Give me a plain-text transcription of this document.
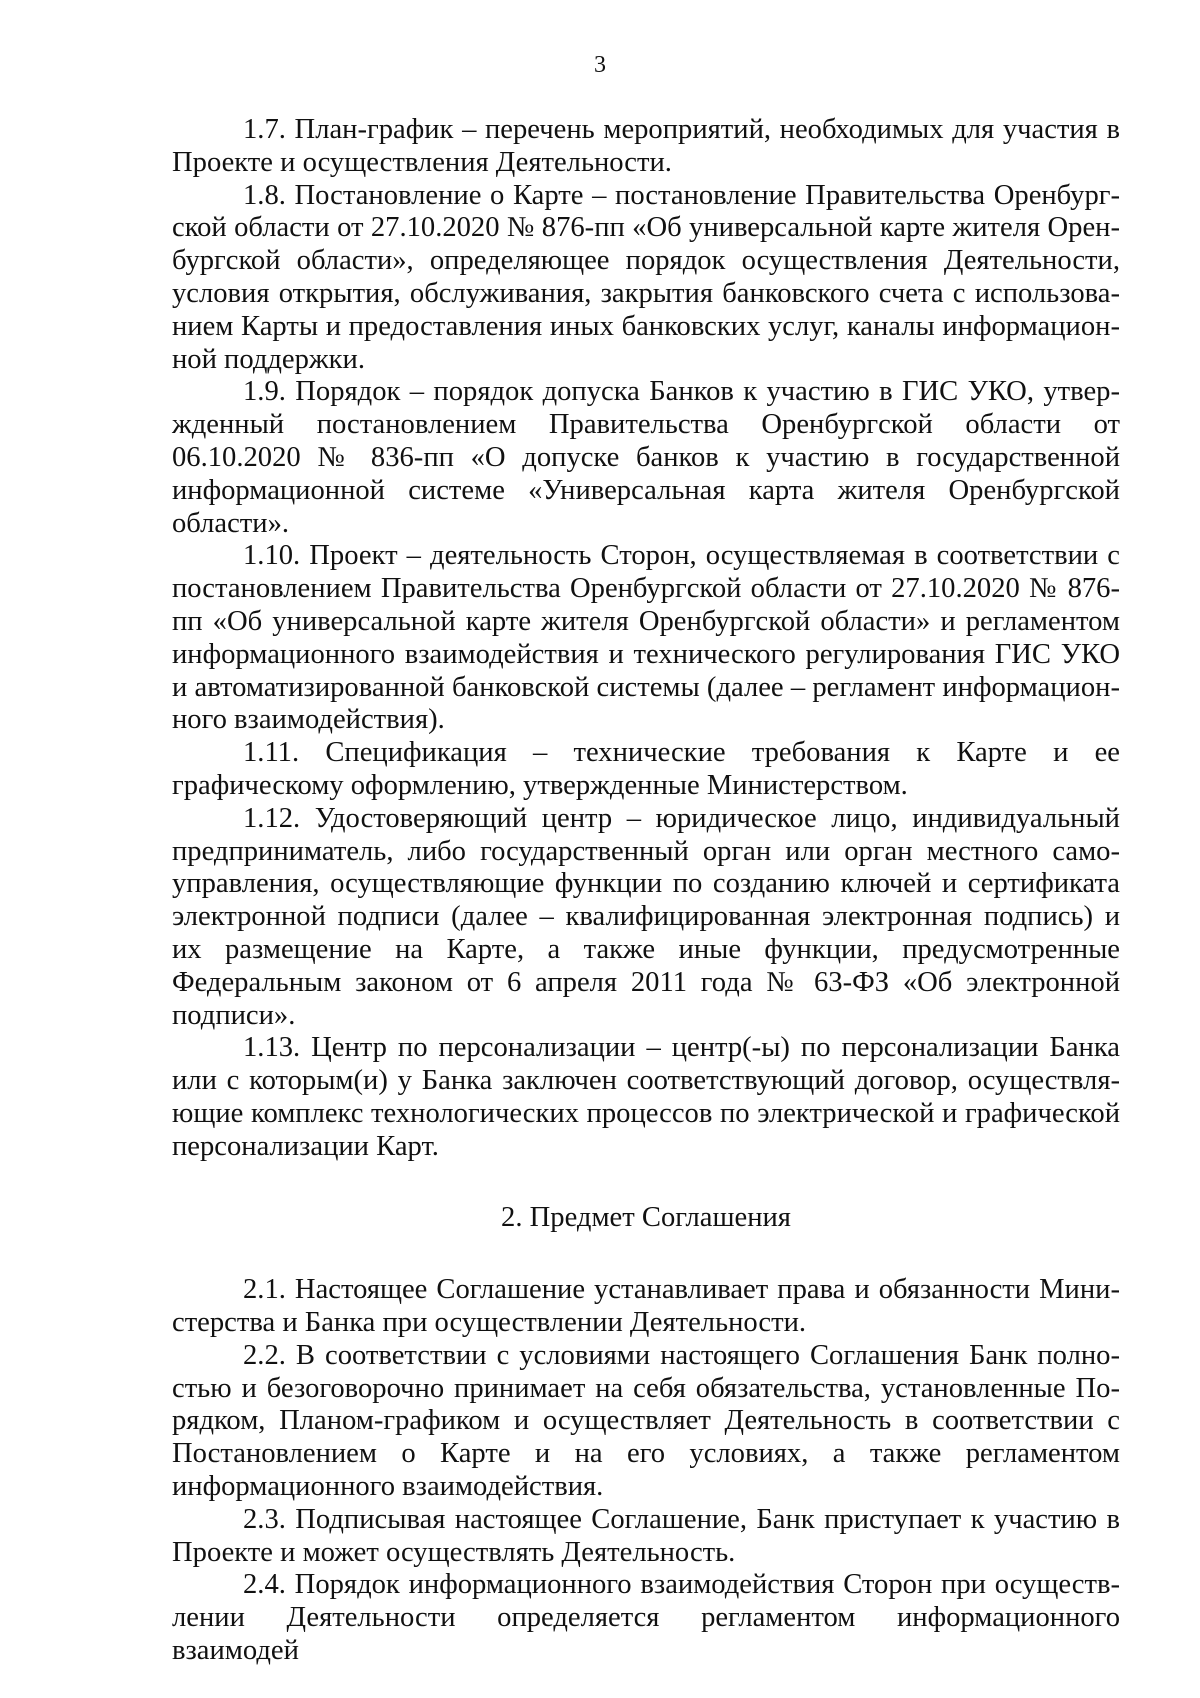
3

1.7. План-график – перечень мероприятий, необходимых для участия в Проекте и осуществления Деятельности.

1.8. Постановление о Карте – постановление Правительства Оренбургской области от 27.10.2020 № 876-пп «Об универсальной карте жителя Оренбургской области», определяющее порядок осуществления Деятельности, условия открытия, обслуживания, закрытия банковского счета с использованием Карты и предоставления иных банковских услуг, каналы информационной поддержки.

1.9. Порядок – порядок допуска Банков к участию в ГИС УКО, утвержденный постановлением Правительства Оренбургской области от 06.10.2020 № 836-пп «О допуске банков к участию в государственной информационной системе «Универсальная карта жителя Оренбургской области».

1.10. Проект – деятельность Сторон, осуществляемая в соответствии с постановлением Правительства Оренбургской области от 27.10.2020 № 876-пп «Об универсальной карте жителя Оренбургской области» и регламентом информационного взаимодействия и технического регулирования ГИС УКО и автоматизированной банковской системы (далее – регламент информационного взаимодействия).

1.11. Спецификация – технические требования к Карте и ее графическому оформлению, утвержденные Министерством.

1.12. Удостоверяющий центр – юридическое лицо, индивидуальный предприниматель, либо государственный орган или орган местного самоуправления, осуществляющие функции по созданию ключей и сертификата электронной подписи (далее – квалифицированная электронная подпись) и их размещение на Карте, а также иные функции, предусмотренные Федеральным законом от 6 апреля 2011 года № 63-ФЗ «Об электронной подписи».

1.13. Центр по персонализации – центр(-ы) по персонализации Банка или с которым(и) у Банка заключен соответствующий договор, осуществляющие комплекс технологических процессов по электрической и графической персонализации Карт.

2. Предмет Соглашения

2.1. Настоящее Соглашение устанавливает права и обязанности Министерства и Банка при осуществлении Деятельности.

2.2. В соответствии с условиями настоящего Соглашения Банк полностью и безоговорочно принимает на себя обязательства, установленные Порядком, Планом-графиком и осуществляет Деятельность в соответствии с Постановлением о Карте и на его условиях, а также регламентом информационного взаимодействия.

2.3. Подписывая настоящее Соглашение, Банк приступает к участию в Проекте и может осуществлять Деятельность.

2.4. Порядок информационного взаимодействия Сторон при осуществлении Деятельности определяется регламентом информационного взаимодей
